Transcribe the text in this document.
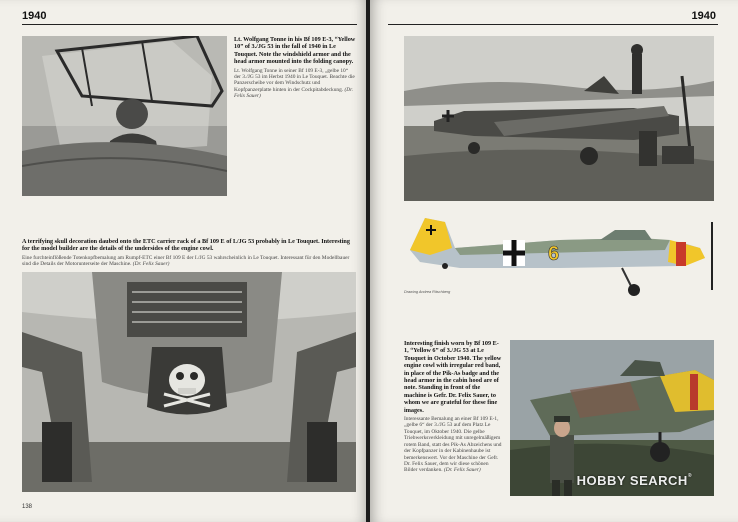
1940

Lt. Wolfgang Tonne in his Bf 109 E-3, “Yellow 10” of 3./JG 53 in the fall of 1940 in Le Touquet. Note the windshield armor and the head armor mounted into the folding canopy.

Lt. Wolfgang Tonne in seiner Bf 109 E-3, „gelbe 10“ der 3./JG 53 im Herbst 1940 in Le Touquet. Beachte die Panzerscheibe vor dem Windschutz und Kopfpanzerplatte hinten in der Cockpitabdeckung. (Dr. Felix Sauer)

A terrifying skull decoration daubed onto the ETC carrier rack of a Bf 109 E of I./JG 53 probably in Le Touquet. Interesting for the model builder are the details of the undersides of the engine cowl.

Eine furchteinflößende Totenkopfbemalung am Rumpf-ETC einer Bf 109 E der I./JG 53 wahrscheinlich in Le Touquet. Interessant für den Modellbauer sind die Details der Motorunterseite der Maschine. (Dr. Felix Sauer)

138
1940
6
Drawing Andrea Ritschberg

Interesting finish worn by Bf 109 E-1, “Yellow 6” of 3./JG 53 at Le Touquet in October 1940. The yellow engine cowl with irregular red band, in place of the Pik-As badge and the head armor in the cabin hood are of note. Standing in front of the machine is Gefr. Dr. Felix Sauer, to whom we are grateful for these fine images.

Interessante Bemalung an einer Bf 109 E-1, „gelbe 6“ der 3./JG 53 auf dem Platz Le Touquet, im Oktober 1940. Die gelbe Triebwerksverkleidung mit unregelmäßigem rotem Band, statt des Pik-As Abzeichens und der Kopfpanzer in der Kabinenhaube ist bemerkenswert. Vor der Maschine der Gefr. Dr. Felix Sauer, dem wir diese schönen Bilder verdanken. (Dr. Felix Sauer)

HOBBY SEARCH®
